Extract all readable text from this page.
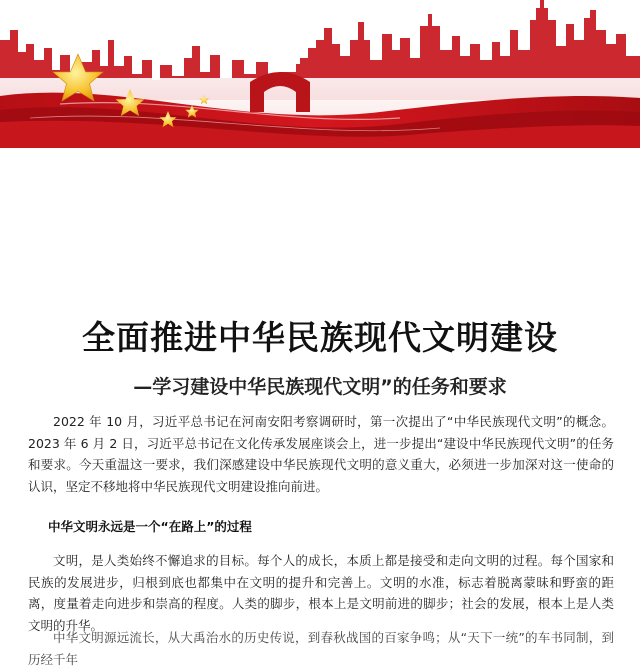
全面推进中华民族现代文明建设
—学习建设中华民族现代文明”的任务和要求

2022 年 10 月，习近平总书记在河南安阳考察调研时，第一次提出了“中华民族现代文明”的概念。2023 年 6 月 2 日，习近平总书记在文化传承发展座谈会上，进一步提出“建设中华民族现代文明”的任务和要求。今天重温这一要求，我们深感建设中华民族现代文明的意义重大，必须进一步加深对这一使命的认识，坚定不移地将中华民族现代文明建设推向前进。

中华文明永远是一个“在路上”的过程

文明，是人类始终不懈追求的目标。每个人的成长，本质上都是接受和走向文明的过程。每个国家和民族的发展进步，归根到底也都集中在文明的提升和完善上。文明的水准，标志着脱离蒙昧和野蛮的距离，度量着走向进步和崇高的程度。人类的脚步，根本上是文明前进的脚步；社会的发展，根本上是人类文明的升华。

中华文明源远流长，从大禹治水的历史传说，到春秋战国的百家争鸣；从“天下一统”的车书同制，到历经千年
